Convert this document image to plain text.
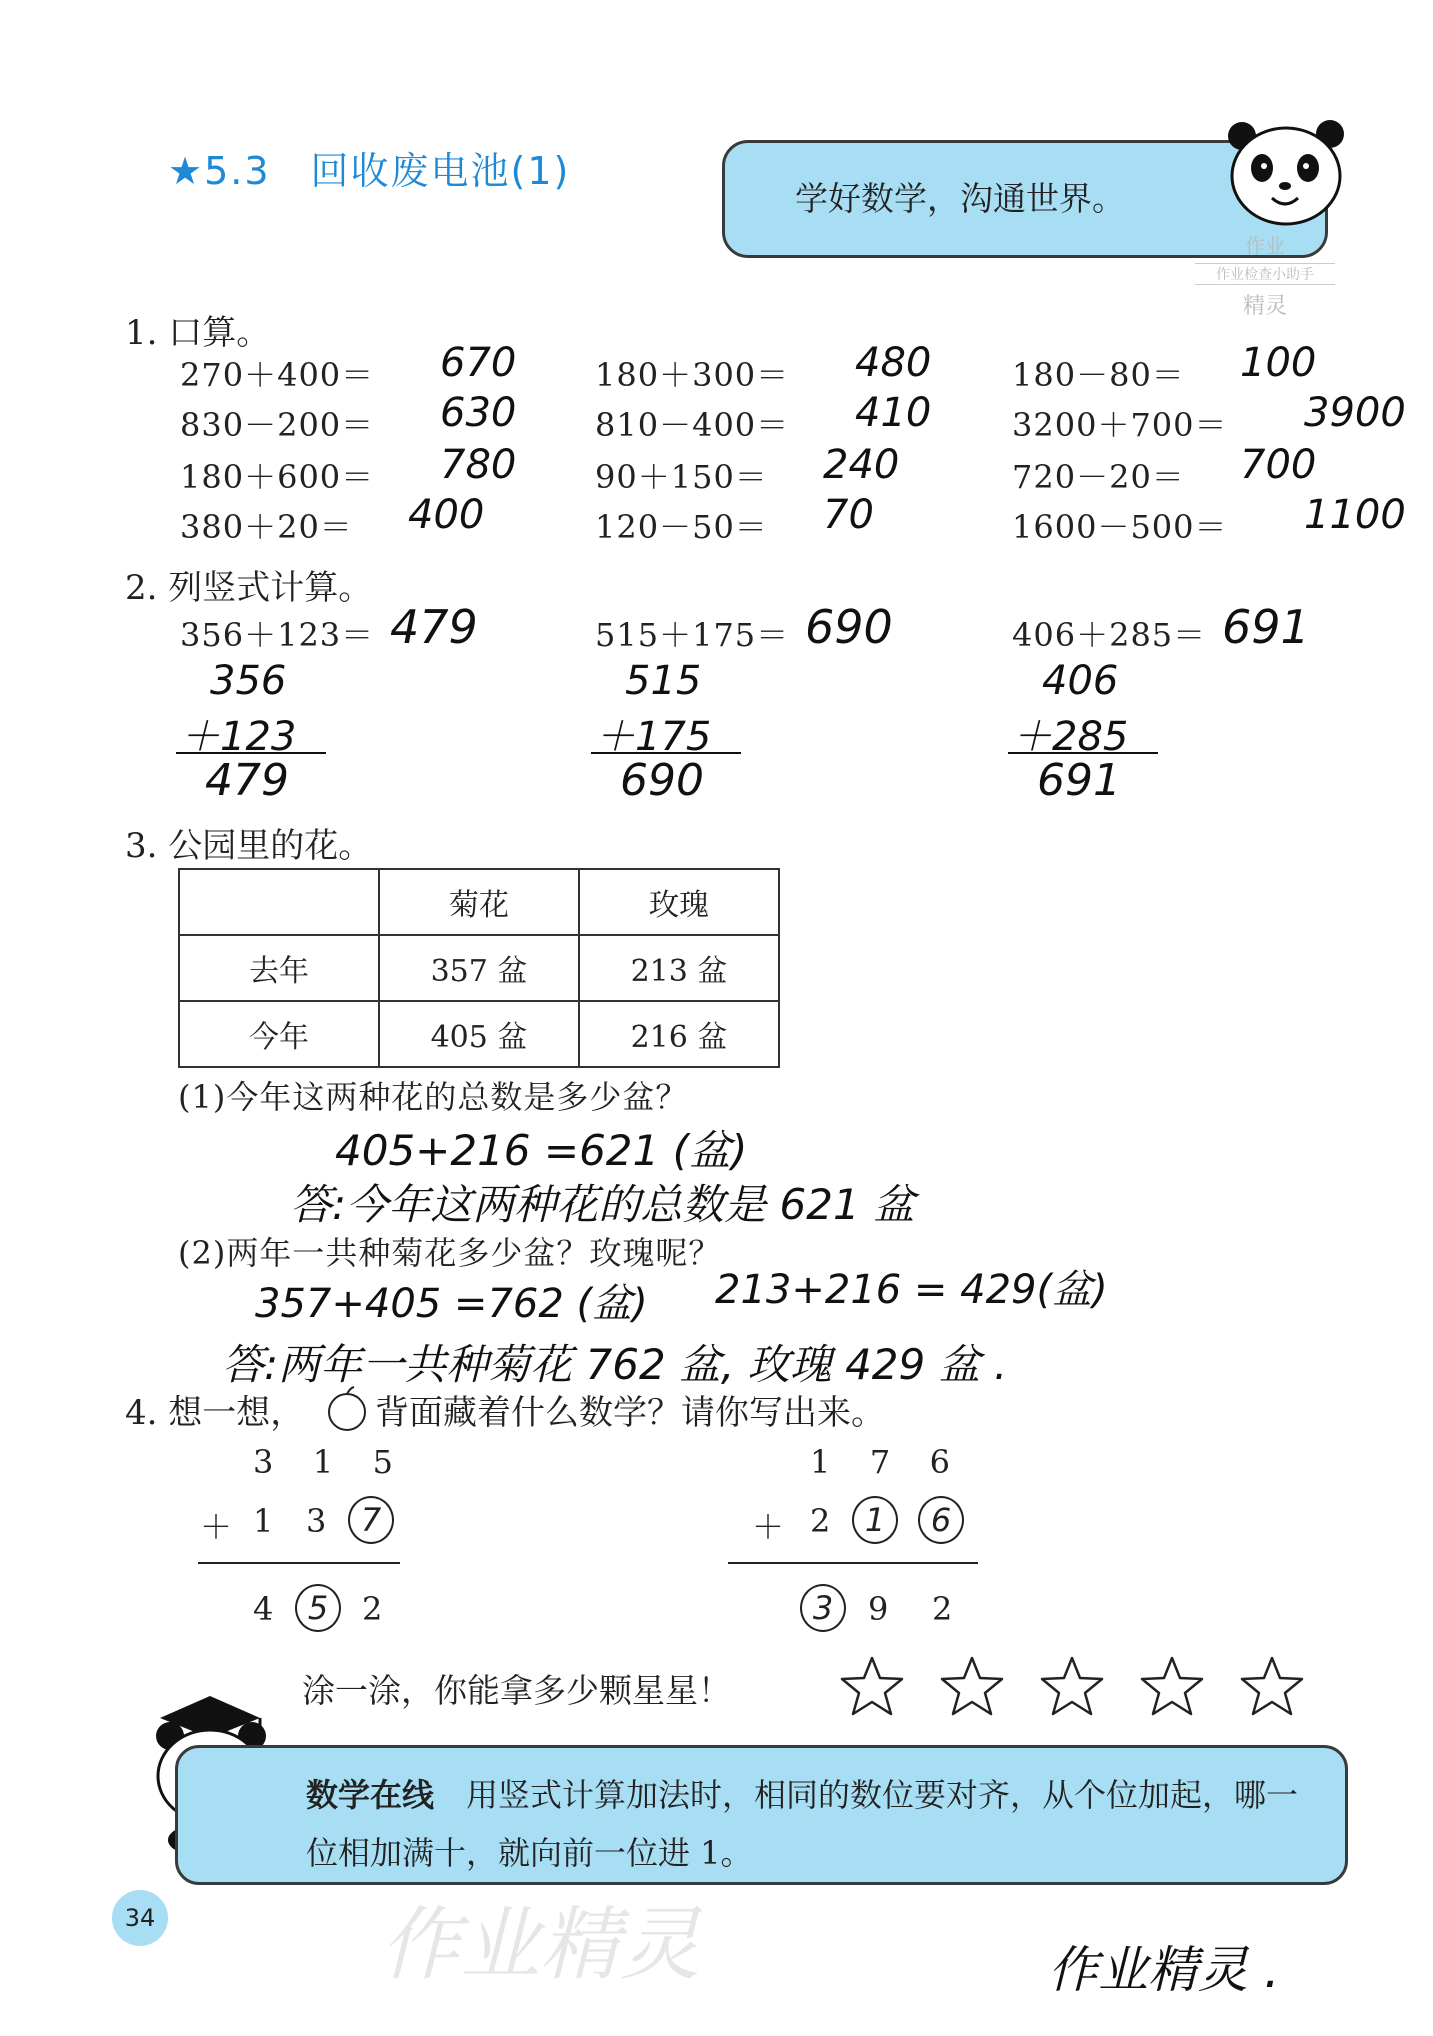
★5.3　回收废电池(1)
学好数学，沟通世界。
作业
作业检查小助手
精灵
1. 口算。
270＋400＝ 670 180＋300＝ 480	180－80＝ 100
830－200＝ 630 810－400＝ 410	3200＋700＝ 3900
180＋600＝ 780 90＋150＝ 240	720－20＝ 700
380＋20＝ 400	120－50＝ 70	1600－500＝ 1100
2. 列竖式计算。
356＋123＝ 479
356
＋123
479
515＋175＝ 690
515
＋175
690
406＋285＝ 691
406
＋285
691
3. 公园里的花。
	菊花	玫瑰
去年	357 盆	213 盆
今年	405 盆	216 盆
(1)今年这两种花的总数是多少盆？
405+216 =621 (盆)
答:今年这两种花的总数是 621 盆
(2)两年一共种菊花多少盆？玫瑰呢？
357+405 =762 (盆) 213+216 = 429(盆)
答:两年一共种菊花 762 盆, 玫瑰 429 盆 .
4. 想一想， 背面藏着什么数学？请你写出来。
3 1 5
＋ 1 3	7
4	5	2
1 7 6
＋ 2	1	6
3	9 2
涂一涂，你能拿多少颗星星！
数学在线　用竖式计算加法时，相同的数位要对齐，从个位加起，哪一位相加满十，就向前一位进 1。
34	作业精灵	作业精灵 .
